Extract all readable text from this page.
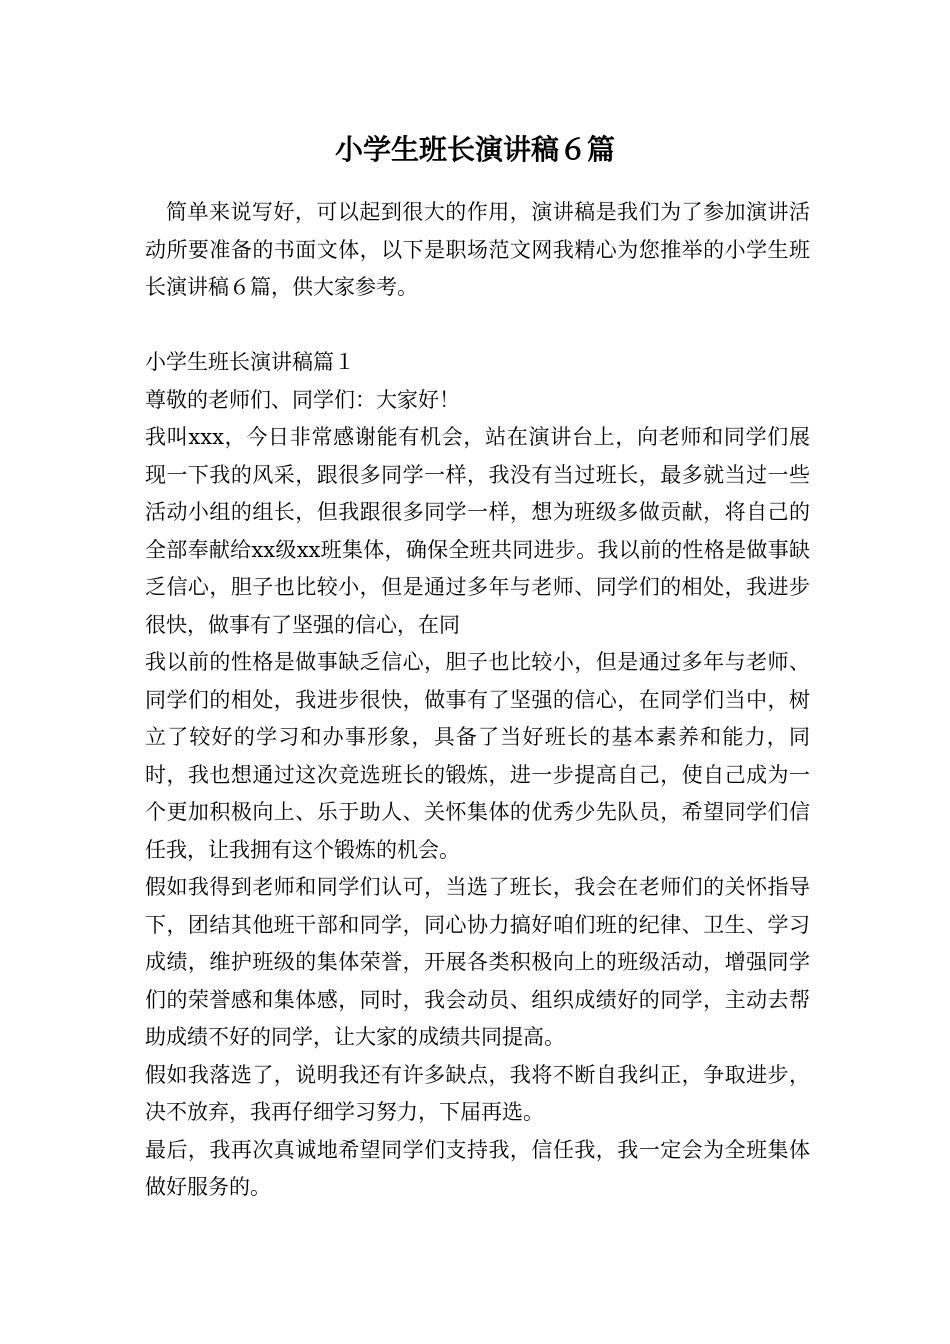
小学生班长演讲稿６篇

简单来说写好，可以起到很大的作用，演讲稿是我们为了参加演讲活动所要准备的书面文体，以下是职场范文网我精心为您推举的小学生班长演讲稿６篇，供大家参考。

小学生班长演讲稿篇１

尊敬的老师们、同学们：大家好！

我叫xxx，今日非常感谢能有机会，站在演讲台上，向老师和同学们展现一下我的风采，跟很多同学一样，我没有当过班长，最多就当过一些活动小组的组长，但我跟很多同学一样，想为班级多做贡献，将自己的全部奉献给xx级xx班集体，确保全班共同进步。我以前的性格是做事缺乏信心，胆子也比较小，但是通过多年与老师、同学们的相处，我进步很快，做事有了坚强的信心，在同

我以前的性格是做事缺乏信心，胆子也比较小，但是通过多年与老师、同学们的相处，我进步很快，做事有了坚强的信心，在同学们当中，树立了较好的学习和办事形象，具备了当好班长的基本素养和能力，同时，我也想通过这次竞选班长的锻炼，进一步提高自己，使自己成为一个更加积极向上、乐于助人、关怀集体的优秀少先队员，希望同学们信任我，让我拥有这个锻炼的机会。

假如我得到老师和同学们认可，当选了班长，我会在老师们的关怀指导下，团结其他班干部和同学，同心协力搞好咱们班的纪律、卫生、学习成绩，维护班级的集体荣誉，开展各类积极向上的班级活动，增强同学们的荣誉感和集体感，同时，我会动员、组织成绩好的同学，主动去帮助成绩不好的同学，让大家的成绩共同提高。

假如我落选了，说明我还有许多缺点，我将不断自我纠正，争取进步，决不放弃，我再仔细学习努力，下届再选。

最后，我再次真诚地希望同学们支持我，信任我，我一定会为全班集体做好服务的。
